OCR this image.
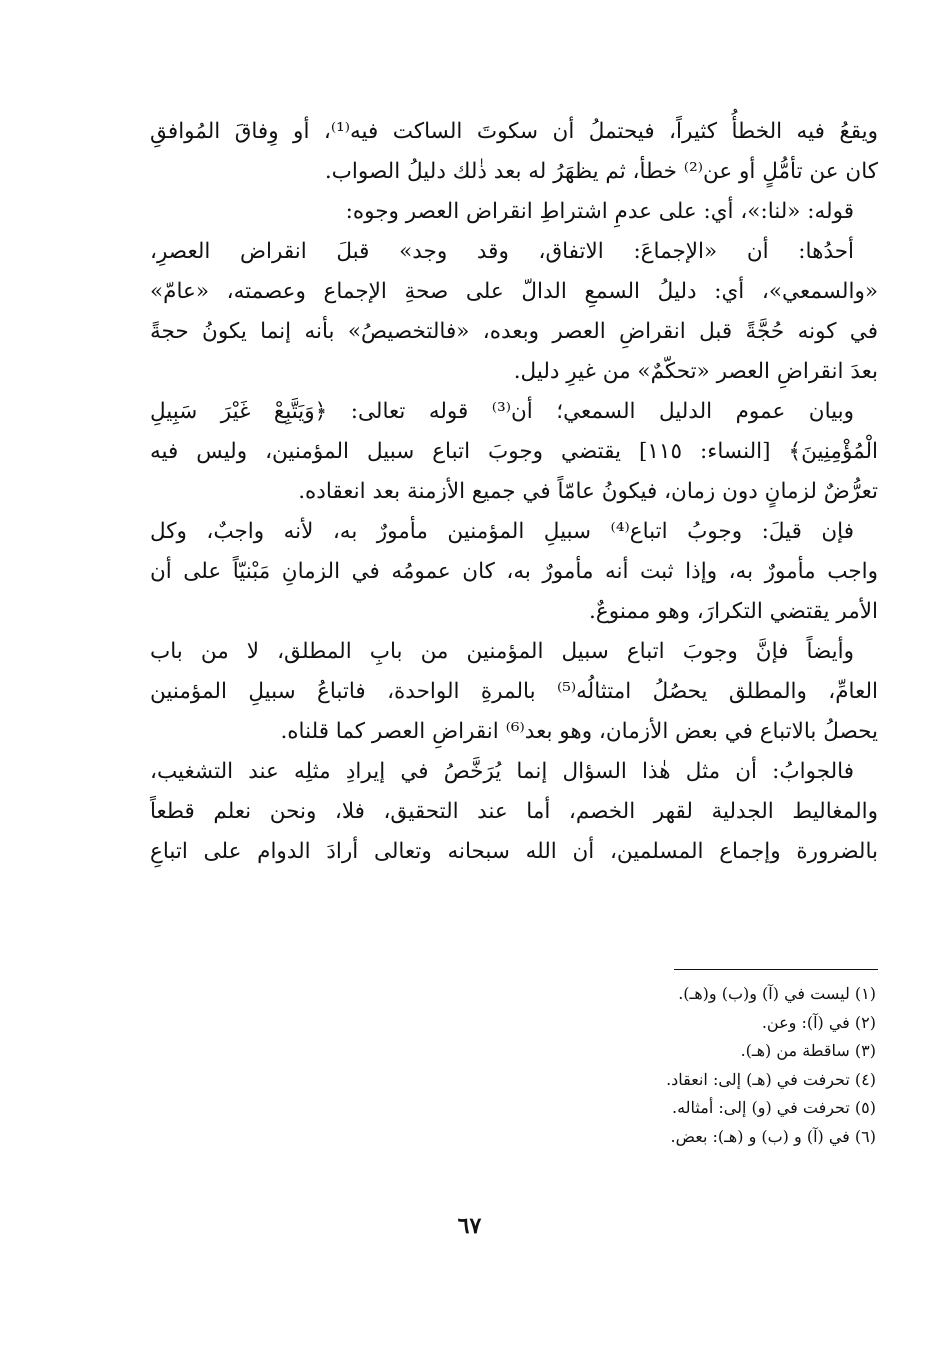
ويقعُ فيه الخطأُ كثيراً، فيحتملُ أن سكوتَ الساكت فيه⁽¹⁾، أو وِفاقَ المُوافقِ
كان عن تأمُّلٍ أو عن⁽²⁾ خطأ، ثم يظهَرُ له بعد ذٰلك دليلُ الصواب.
قوله: «لنا:»، أي: على عدمِ اشتراطِ انقراض العصر وجوه:
أحدُها: أن «الإجماعَ: الاتفاق، وقد وجد» قبلَ انقراض العصرِ،
«والسمعي»، أي: دليلُ السمعِ الدالّ على صحةِ الإجماع وعصمته، «عامّ»
في كونه حُجَّةً قبل انقراضِ العصر وبعده، «فالتخصيصُ» بأنه إنما يكونُ حجةً
بعدَ انقراضِ العصر «تحكّمٌ» من غيرِ دليل.
وبيان عموم الدليل السمعي؛ أن⁽³⁾ قوله تعالى: ﴿وَيَتَّبِعْ غَيْرَ سَبِيلِ
الْمُؤْمِنِينَ﴾ [النساء: ١١٥] يقتضي وجوبَ اتباع سبيل المؤمنين، وليس فيه
تعرُّضٌ لزمانٍ دون زمان، فيكونُ عامّاً في جميع الأزمنة بعد انعقاده.
فإن قيلَ: وجوبُ اتباع⁽⁴⁾ سبيلِ المؤمنين مأمورٌ به، لأنه واجبٌ، وكل
واجب مأمورٌ به، وإذا ثبت أنه مأمورٌ به، كان عمومُه في الزمانِ مَبْنيّاً على أن
الأمر يقتضي التكرارَ، وهو ممنوعٌ.
وأيضاً فإنَّ وجوبَ اتباع سبيل المؤمنين من بابِ المطلق، لا من باب
العامِّ، والمطلق يحصُلُ امتثالُه⁽⁵⁾ بالمرةِ الواحدة، فاتباعُ سبيلِ المؤمنين
يحصلُ بالاتباع في بعض الأزمان، وهو بعد⁽⁶⁾ انقراضِ العصر كما قلناه.
فالجوابُ: أن مثل هٰذا السؤال إنما يُرَخَّصُ في إيرادِ مثلِه عند التشغيب،
والمغاليط الجدلية لقهر الخصم، أما عند التحقيق، فلا، ونحن نعلم قطعاً
بالضرورة وإجماع المسلمين، أن الله سبحانه وتعالى أرادَ الدوام على اتباعِ
(١) ليست في (آ) و(ب) و(هـ).
(٢) في (آ): وعن.
(٣) ساقطة من (هـ).
(٤) تحرفت في (هـ) إلى: انعقاد.
(٥) تحرفت في (و) إلى: أمثاله.
(٦) في (آ) و (ب) و (هـ): بعض.
٦٧
